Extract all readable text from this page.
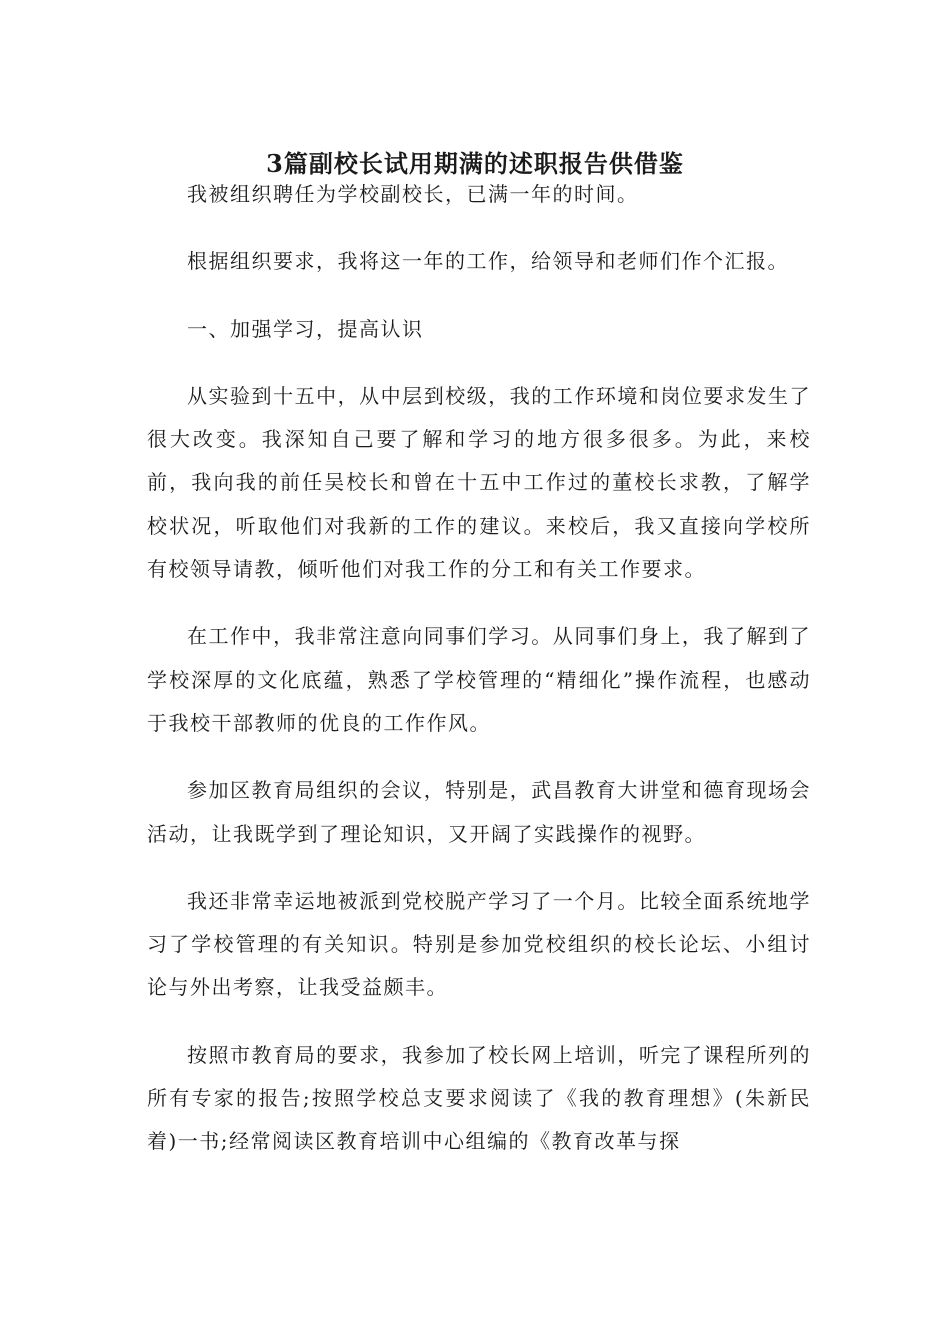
3篇副校长试用期满的述职报告供借鉴

我被组织聘任为学校副校长，已满一年的时间。

根据组织要求，我将这一年的工作，给领导和老师们作个汇报。

一、加强学习，提高认识

从实验到十五中，从中层到校级，我的工作环境和岗位要求发生了很大改变。我深知自己要了解和学习的地方很多很多。为此，来校前，我向我的前任吴校长和曾在十五中工作过的董校长求教，了解学校状况，听取他们对我新的工作的建议。来校后，我又直接向学校所有校领导请教，倾听他们对我工作的分工和有关工作要求。

在工作中，我非常注意向同事们学习。从同事们身上，我了解到了学校深厚的文化底蕴，熟悉了学校管理的“精细化”操作流程，也感动于我校干部教师的优良的工作作风。

参加区教育局组织的会议，特别是，武昌教育大讲堂和德育现场会活动，让我既学到了理论知识，又开阔了实践操作的视野。

我还非常幸运地被派到党校脱产学习了一个月。比较全面系统地学习了学校管理的有关知识。特别是参加党校组织的校长论坛、小组讨论与外出考察，让我受益颇丰。

按照市教育局的要求，我参加了校长网上培训，听完了课程所列的所有专家的报告;按照学校总支要求阅读了《我的教育理想》(朱新民着)一书;经常阅读区教育培训中心组编的《教育改革与探
